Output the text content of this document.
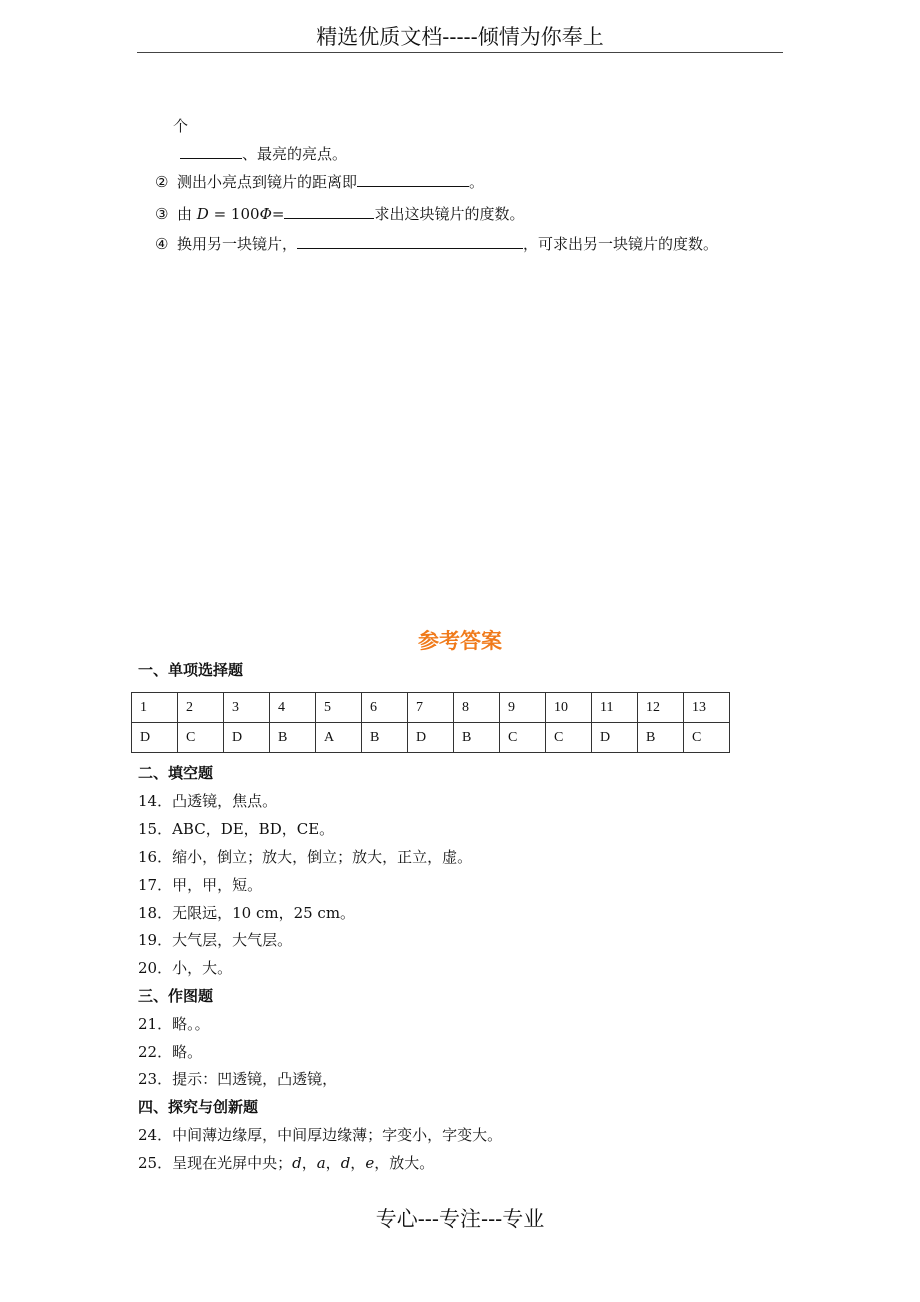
精选优质文档-----倾情为你奉上
个
、最亮的亮点。
② 测出小亮点到镜片的距离即	。
③ 由 D = 100Φ=	求出这块镜片的度数。
④ 换用另一块镜片，	，可求出另一块镜片的度数。
参考答案
一、单项选择题
1	2	3	4	5	6	7	8	9	10	11	12	13
D	C	D	B	A	B	D	B	C	C	D	B	C
二、填空题
14．凸透镜，焦点。
15．ABC，DE，BD，CE。
16．缩小，倒立；放大，倒立；放大，正立，虚。
17．甲，甲，短。
18．无限远，10 cm，25 cm。
19．大气层，大气层。
20．小，大。
三、作图题
21．略。。
22．略。
23．提示：凹透镜，凸透镜，
四、探究与创新题
24．中间薄边缘厚，中间厚边缘薄；字变小，字变大。
25．呈现在光屏中央；d，a，d，e，放大。
专心---专注---专业
